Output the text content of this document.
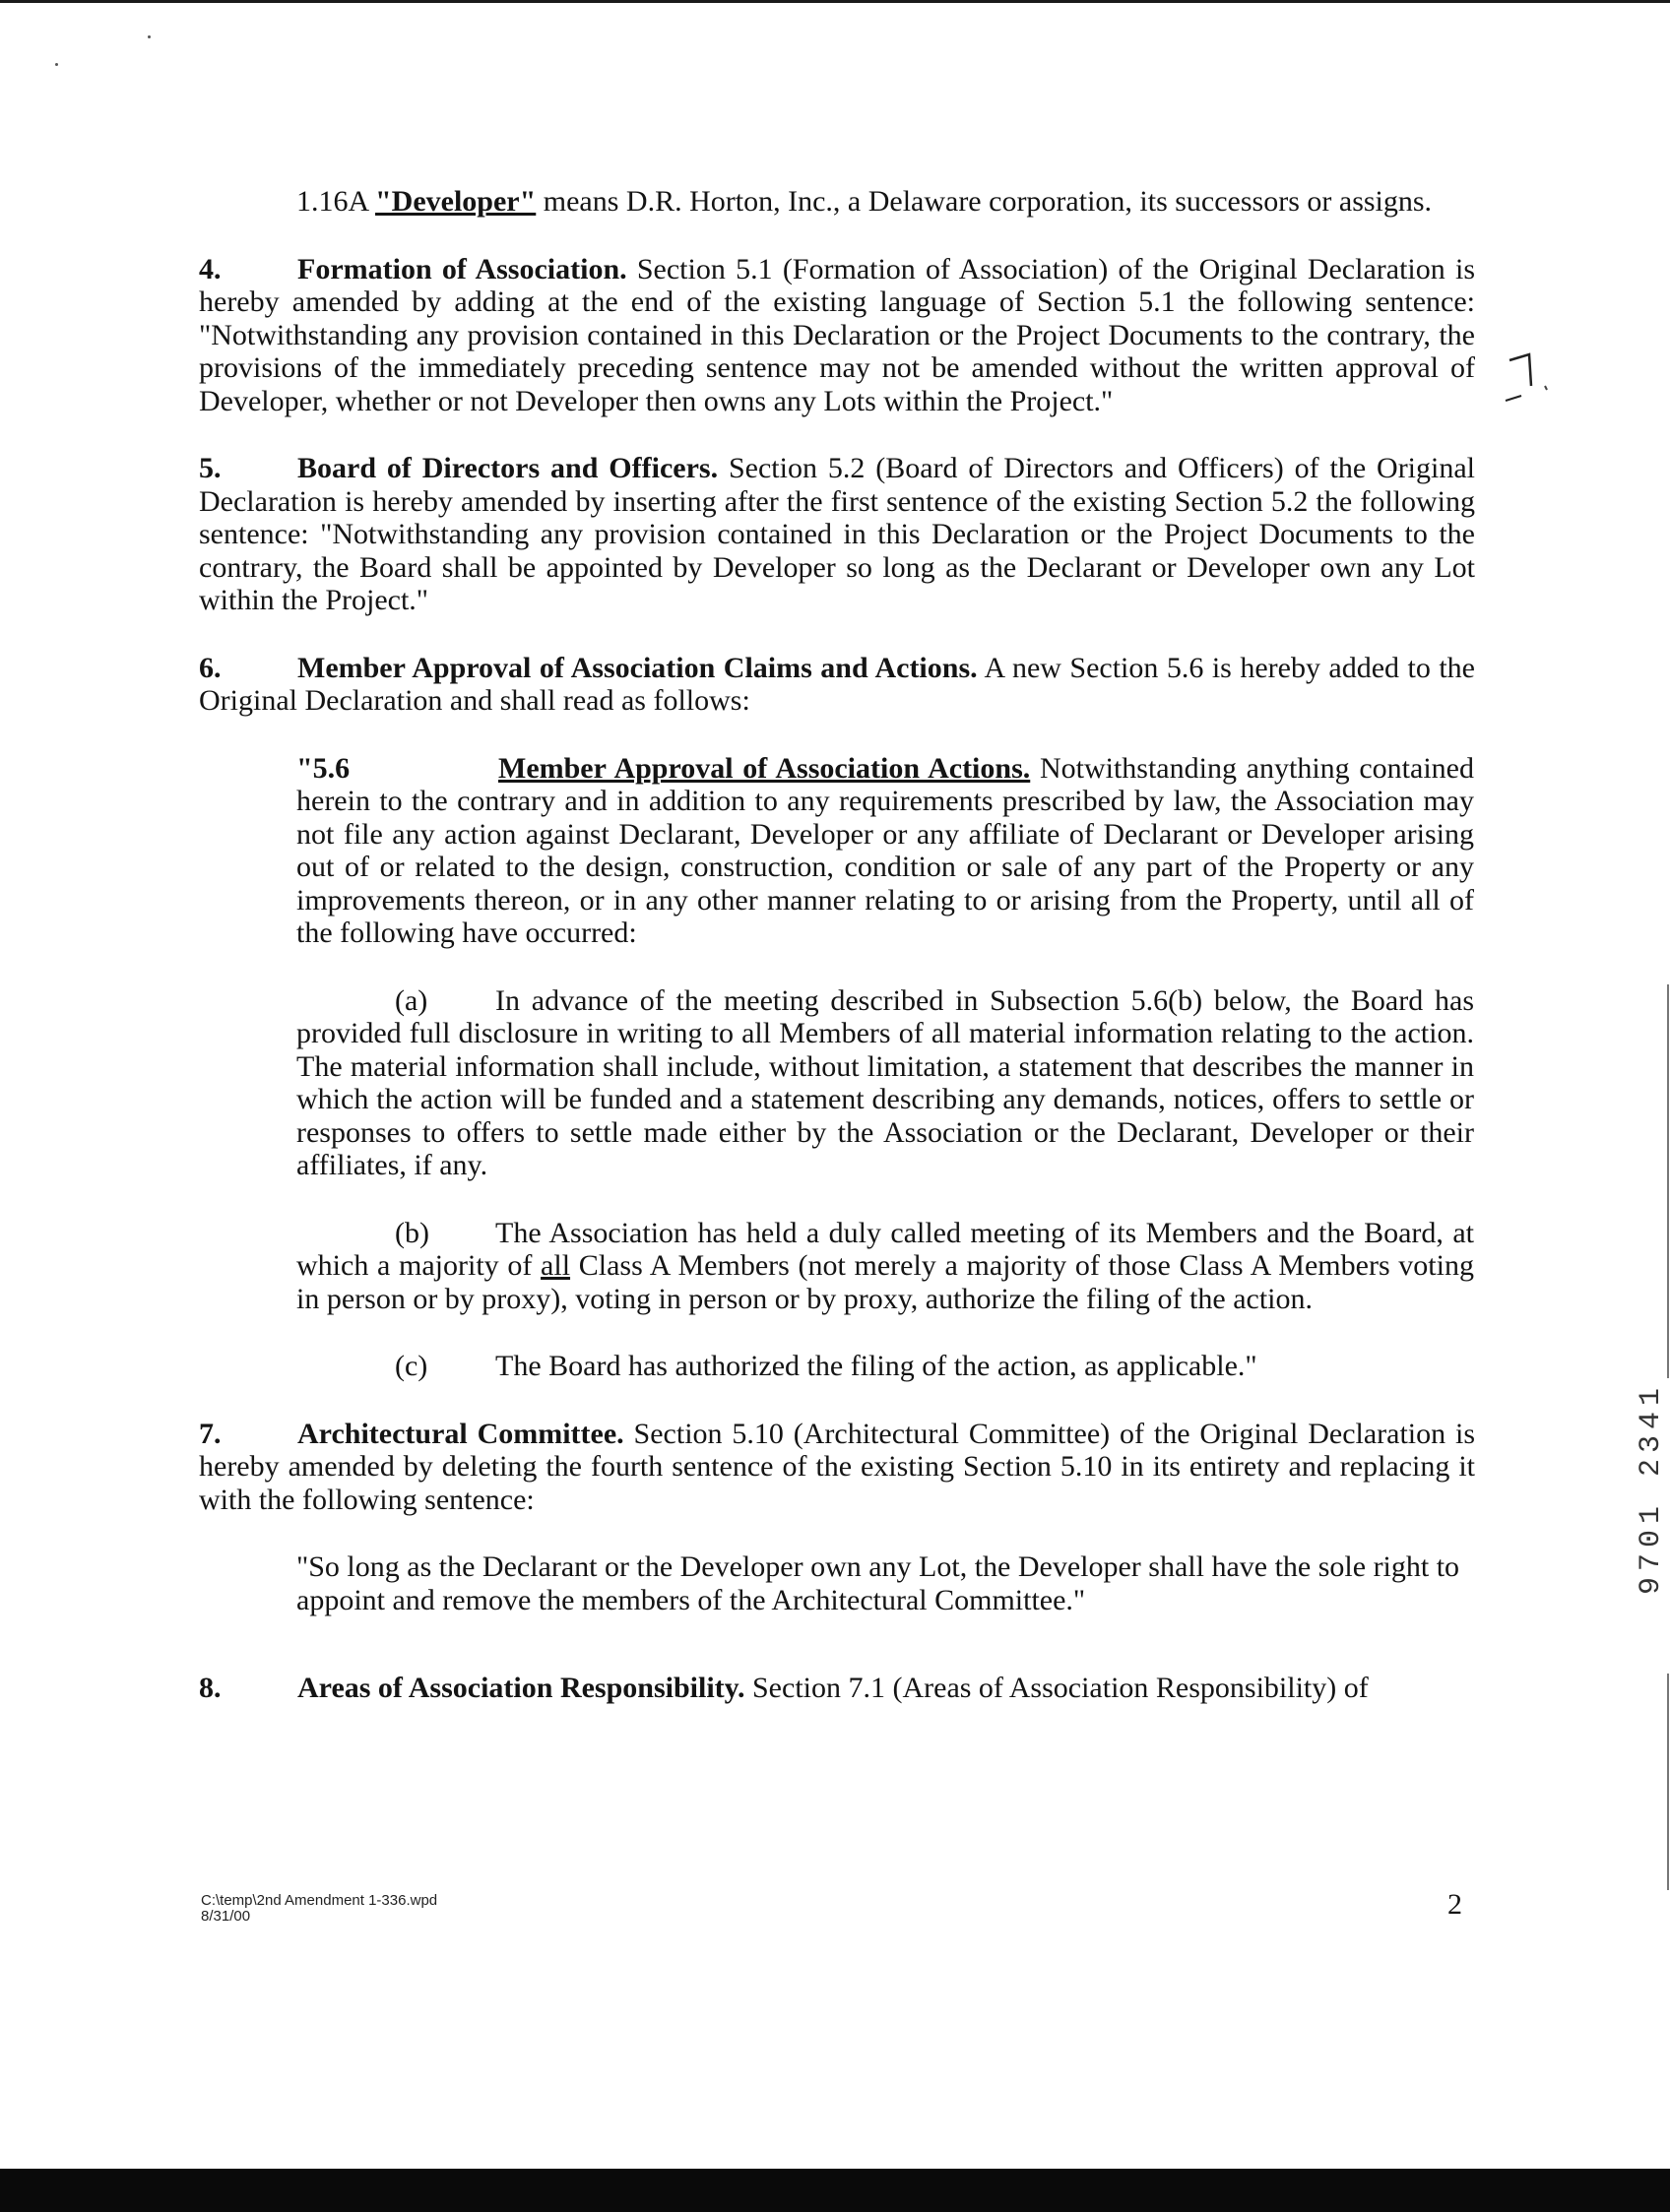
1.16A "Developer" means D.R. Horton, Inc., a Delaware corporation, its successors or assigns.

4.	Formation of Association. Section 5.1 (Formation of Association) of the Original Declaration is hereby amended by adding at the end of the existing language of Section 5.1 the following sentence: "Notwithstanding any provision contained in this Declaration or the Project Documents to the contrary, the provisions of the immediately preceding sentence may not be amended without the written approval of Developer, whether or not Developer then owns any Lots within the Project."

5.	Board of Directors and Officers. Section 5.2 (Board of Directors and Officers) of the Original Declaration is hereby amended by inserting after the first sentence of the existing Section 5.2 the following sentence: "Notwithstanding any provision contained in this Declaration or the Project Documents to the contrary, the Board shall be appointed by Developer so long as the Declarant or Developer own any Lot within the Project."

6.	Member Approval of Association Claims and Actions. A new Section 5.6 is hereby added to the Original Declaration and shall read as follows:

"5.6	Member Approval of Association Actions. Notwithstanding anything contained herein to the contrary and in addition to any requirements prescribed by law, the Association may not file any action against Declarant, Developer or any affiliate of Declarant or Developer arising out of or related to the design, construction, condition or sale of any part of the Property or any improvements thereon, or in any other manner relating to or arising from the Property, until all of the following have occurred:

(a) In advance of the meeting described in Subsection 5.6(b) below, the Board has provided full disclosure in writing to all Members of all material information relating to the action. The material information shall include, without limitation, a statement that describes the manner in which the action will be funded and a statement describing any demands, notices, offers to settle or responses to offers to settle made either by the Association or the Declarant, Developer or their affiliates, if any.

(b) The Association has held a duly called meeting of its Members and the Board, at which a majority of all Class A Members (not merely a majority of those Class A Members voting in person or by proxy), voting in person or by proxy, authorize the filing of the action.

(c) The Board has authorized the filing of the action, as applicable."

7.	Architectural Committee. Section 5.10 (Architectural Committee) of the Original Declaration is hereby amended by deleting the fourth sentence of the existing Section 5.10 in its entirety and replacing it with the following sentence:

"So long as the Declarant or the Developer own any Lot, the Developer shall have the sole right to appoint and remove the members of the Architectural Committee."

8.	Areas of Association Responsibility. Section 7.1 (Areas of Association Responsibility) of

C:\temp\2nd Amendment 1-336.wpd
8/31/00	2
9701 2341
